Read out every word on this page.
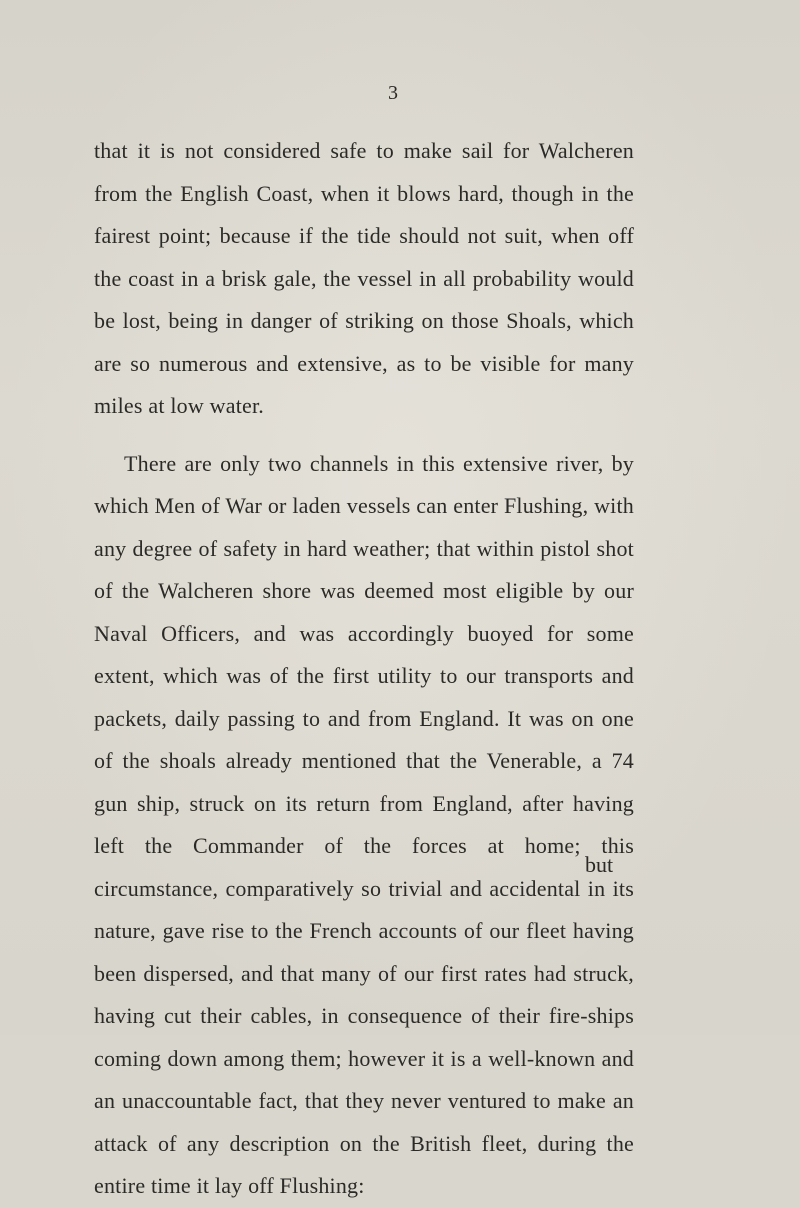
3

that it is not considered safe to make sail for Walcheren from the English Coast, when it blows hard, though in the fairest point; because if the tide should not suit, when off the coast in a brisk gale, the vessel in all probability would be lost, being in danger of striking on those Shoals, which are so numerous and extensive, as to be visible for many miles at low water.

There are only two channels in this extensive river, by which Men of War or laden vessels can enter Flushing, with any degree of safety in hard weather; that within pistol shot of the Walcheren shore was deemed most eligible by our Naval Officers, and was accordingly buoyed for some extent, which was of the first utility to our transports and packets, daily passing to and from England. It was on one of the shoals already mentioned that the Venerable, a 74 gun ship, struck on its return from England, after having left the Commander of the forces at home; this circumstance, comparatively so trivial and accidental in its nature, gave rise to the French accounts of our fleet having been dispersed, and that many of our first rates had struck, having cut their cables, in consequence of their fire-ships coming down among them; however it is a well-known and an unaccountable fact, that they never ventured to make an attack of any description on the British fleet, during the entire time it lay off Flushing:

but
